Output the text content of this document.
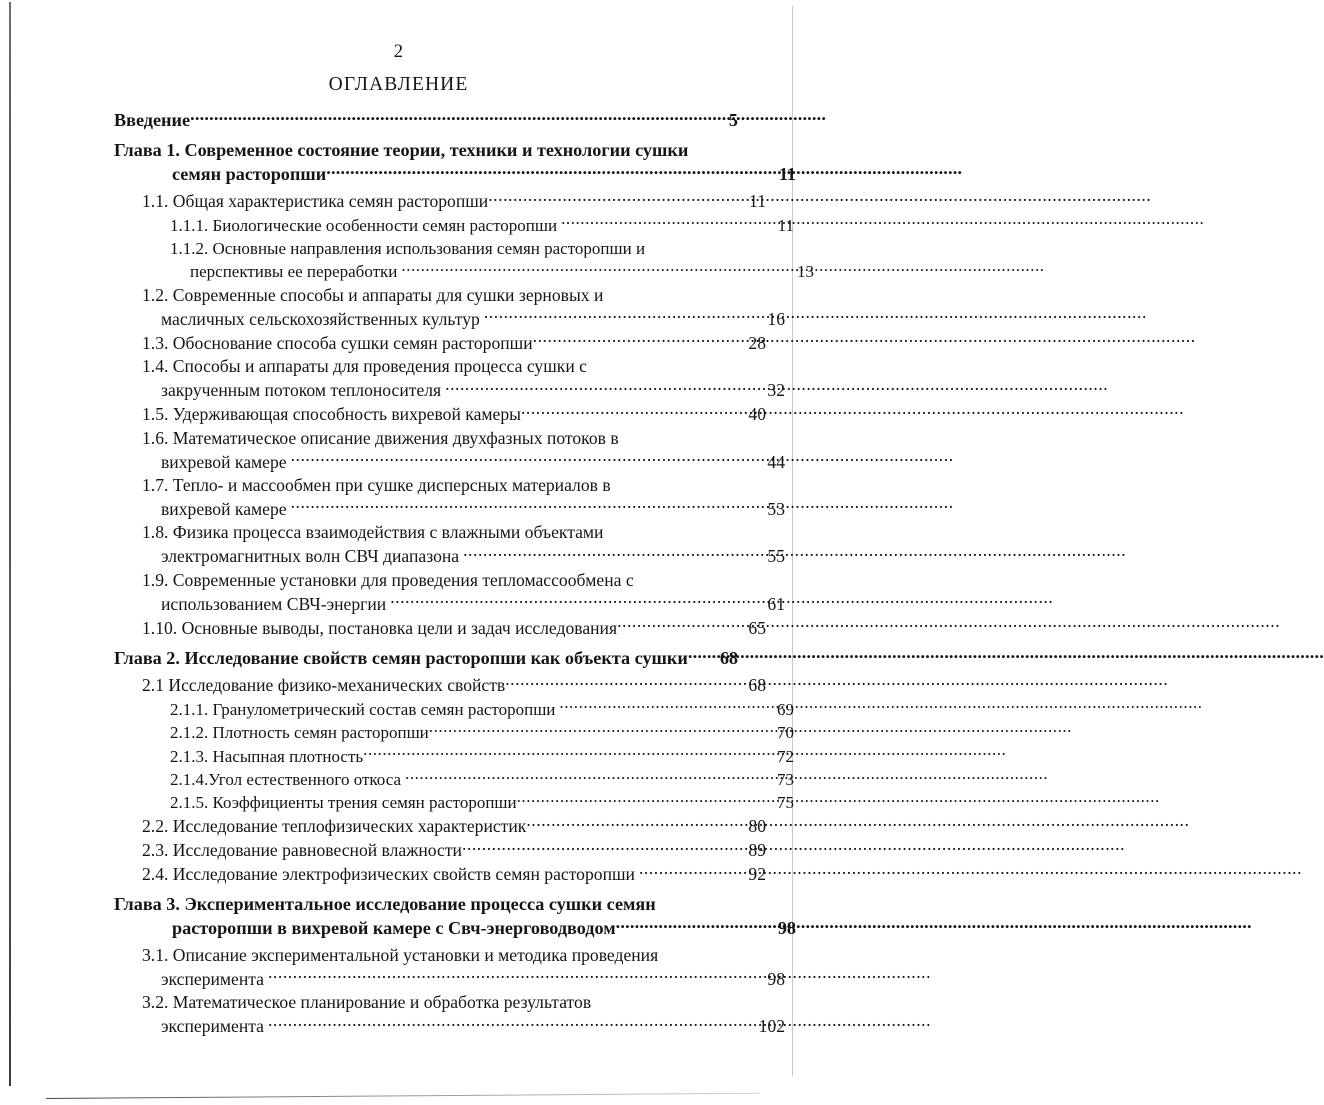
2
ОГЛАВЛЕНИЕ
Введение .....	5
Глава 1. Современное состояние теории, техники и технологии сушки
семян расторопши .....	11
1.1. Общая характеристика семян расторопши .....	11
1.1.1. Биологические особенности семян расторопши .....	11
1.1.2. Основные направления использования семян расторопши и
перспективы ее переработки .....	13
1.2. Современные способы и аппараты для сушки зерновых и
масличных сельскохозяйственных культур .....	16
1.3. Обоснование способа сушки семян расторопши .....	28
1.4. Способы и аппараты для проведения процесса сушки с
закрученным потоком теплоносителя .....	32
1.5. Удерживающая способность вихревой камеры .....	40
1.6. Математическое описание движения двухфазных потоков в
вихревой камере .....	44
1.7. Тепло- и массообмен при сушке дисперсных материалов в
вихревой камере .....	53
1.8. Физика процесса взаимодействия с влажными объектами
электромагнитных волн СВЧ диапазона .....	55
1.9. Современные установки для проведения тепломассообмена с
использованием СВЧ-энергии .....	61
1.10. Основные выводы, постановка цели и задач исследования .....	65
Глава 2. Исследование свойств семян расторопши как объекта сушки .....	68
2.1 Исследование физико-механических свойств .....	68
2.1.1. Гранулометрический состав семян расторопши .....	69
2.1.2. Плотность семян расторопши .....	70
2.1.3. Насыпная плотность .....	72
2.1.4.Угол естественного откоса .....	73
2.1.5. Коэффициенты трения семян расторопши .....	75
2.2. Исследование теплофизических характеристик .....	80
2.3. Исследование равновесной влажности .....	89
2.4. Исследование электрофизических свойств семян расторопши .....	92
Глава 3. Экспериментальное исследование процесса сушки семян
расторопши в вихревой камере с Свч-энерговодводом .....	98
3.1. Описание экспериментальной установки и методика проведения
эксперимента .....	98
3.2. Математическое планирование и обработка результатов
эксперимента .....	102
